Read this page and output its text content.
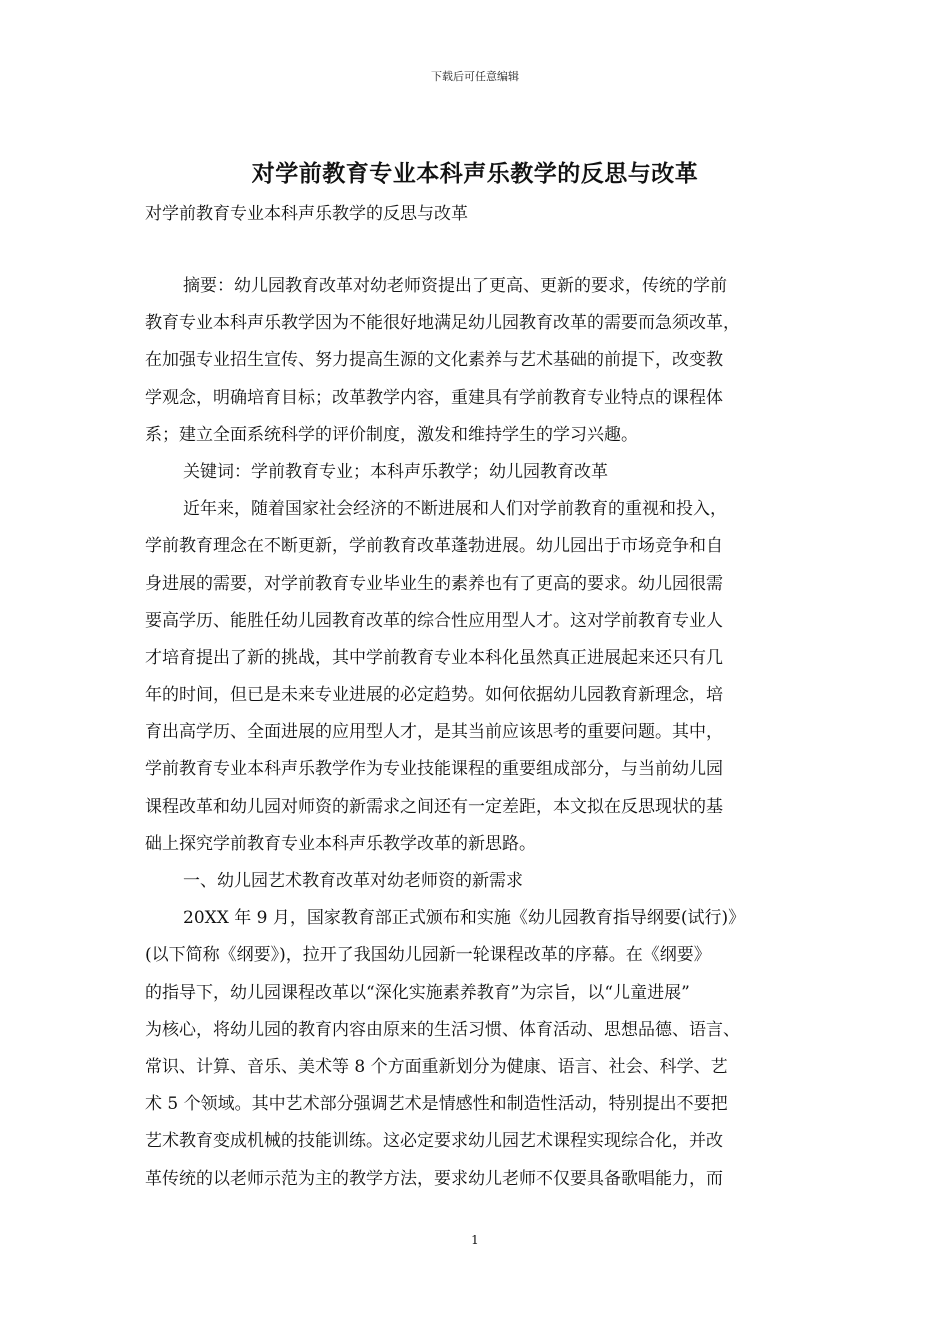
下载后可任意编辑
对学前教育专业本科声乐教学的反思与改革
对学前教育专业本科声乐教学的反思与改革
摘要：幼儿园教育改革对幼老师资提出了更高、更新的要求，传统的学前
教育专业本科声乐教学因为不能很好地满足幼儿园教育改革的需要而急须改革，
在加强专业招生宣传、努力提高生源的文化素养与艺术基础的前提下，改变教
学观念，明确培育目标；改革教学内容，重建具有学前教育专业特点的课程体
系；建立全面系统科学的评价制度，激发和维持学生的学习兴趣。
关键词：学前教育专业；本科声乐教学；幼儿园教育改革
近年来，随着国家社会经济的不断进展和人们对学前教育的重视和投入，
学前教育理念在不断更新，学前教育改革蓬勃进展。幼儿园出于市场竞争和自
身进展的需要，对学前教育专业毕业生的素养也有了更高的要求。幼儿园很需
要高学历、能胜任幼儿园教育改革的综合性应用型人才。这对学前教育专业人
才培育提出了新的挑战，其中学前教育专业本科化虽然真正进展起来还只有几
年的时间，但已是未来专业进展的必定趋势。如何依据幼儿园教育新理念，培
育出高学历、全面进展的应用型人才，是其当前应该思考的重要问题。其中，
学前教育专业本科声乐教学作为专业技能课程的重要组成部分，与当前幼儿园
课程改革和幼儿园对师资的新需求之间还有一定差距，本文拟在反思现状的基
础上探究学前教育专业本科声乐教学改革的新思路。
一、幼儿园艺术教育改革对幼老师资的新需求
20XX 年 9 月，国家教育部正式颁布和实施《幼儿园教育指导纲要(试行)》
(以下简称《纲要》)，拉开了我国幼儿园新一轮课程改革的序幕。在《纲要》
的指导下，幼儿园课程改革以“深化实施素养教育”为宗旨，以“儿童进展”
为核心，将幼儿园的教育内容由原来的生活习惯、体育活动、思想品德、语言、
常识、计算、音乐、美术等 8 个方面重新划分为健康、语言、社会、科学、艺
术 5 个领域。其中艺术部分强调艺术是情感性和制造性活动，特别提出不要把
艺术教育变成机械的技能训练。这必定要求幼儿园艺术课程实现综合化，并改
革传统的以老师示范为主的教学方法，要求幼儿老师不仅要具备歌唱能力，而
1
